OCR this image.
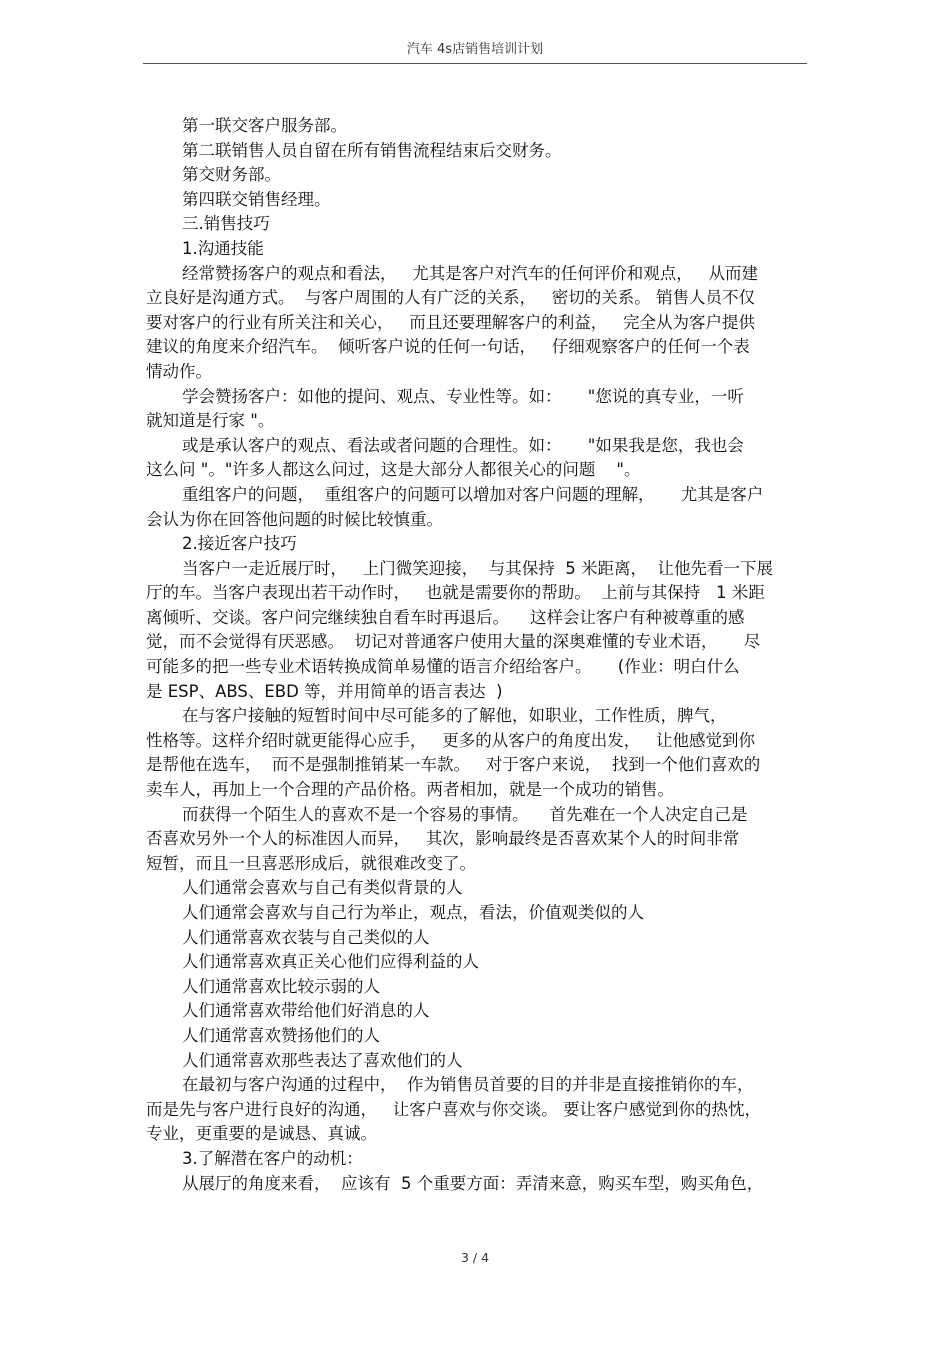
汽车 4s店销售培训计划
第一联交客户服务部。
第二联销售人员自留在所有销售流程结束后交财务。
第交财务部。
第四联交销售经理。
三.销售技巧
1.沟通技能
经常赞扬客户的观点和看法，   尤其是客户对汽车的任何评价和观点，   从而建
立良好是沟通方式。  与客户周围的人有广泛的关系，   密切的关系。 销售人员不仅
要对客户的行业有所关注和关心，   而且还要理解客户的利益，   完全从为客户提供
建议的角度来介绍汽车。  倾听客户说的任何一句话，   仔细观察客户的任何一个表
情动作。
学会赞扬客户：如他的提问、观点、专业性等。如：     "您说的真专业，一听
就知道是行家 "。
或是承认客户的观点、看法或者问题的合理性。如：     "如果我是您，我也会
这么问 "。"许多人都这么问过，这是大部分人都很关心的问题    "。
重组客户的问题，  重组客户的问题可以增加对客户问题的理解，     尤其是客户
会认为你在回答他问题的时候比较慎重。
2.接近客户技巧
当客户一走近展厅时，   上门微笑迎接，  与其保持  5 米距离，  让他先看一下展
厅的车。当客户表现出若干动作时，   也就是需要你的帮助。  上前与其保持   1 米距
离倾听、交谈。客户问完继续独自看车时再退后。    这样会让客户有种被尊重的感
觉，而不会觉得有厌恶感。  切记对普通客户使用大量的深奥难懂的专业术语，     尽
可能多的把一些专业术语转换成简单易懂的语言介绍给客户。     (作业：明白什么
是 ESP、ABS、EBD 等，并用简单的语言表达  )
在与客户接触的短暂时间中尽可能多的了解他，如职业，工作性质，脾气，
性格等。这样介绍时就更能得心应手，   更多的从客户的角度出发，   让他感觉到你
是帮他在选车，  而不是强制推销某一车款。   对于客户来说，  找到一个他们喜欢的
卖车人，再加上一个合理的产品价格。两者相加，就是一个成功的销售。
而获得一个陌生人的喜欢不是一个容易的事情。    首先难在一个人决定自己是
否喜欢另外一个人的标准因人而异，   其次，影响最终是否喜欢某个人的时间非常
短暂，而且一旦喜恶形成后，就很难改变了。
人们通常会喜欢与自己有类似背景的人
人们通常会喜欢与自己行为举止，观点，看法，价值观类似的人
人们通常喜欢衣装与自己类似的人
人们通常喜欢真正关心他们应得利益的人
人们通常喜欢比较示弱的人
人们通常喜欢带给他们好消息的人
人们通常喜欢赞扬他们的人
人们通常喜欢那些表达了喜欢他们的人
在最初与客户沟通的过程中，  作为销售员首要的目的并非是直接推销你的车，
而是先与客户进行良好的沟通，   让客户喜欢与你交谈。 要让客户感觉到你的热忱，
专业，更重要的是诚恳、真诚。
3.了解潜在客户的动机：
从展厅的角度来看，  应该有  5 个重要方面：弄清来意，购买车型，购买角色，
3 / 4
